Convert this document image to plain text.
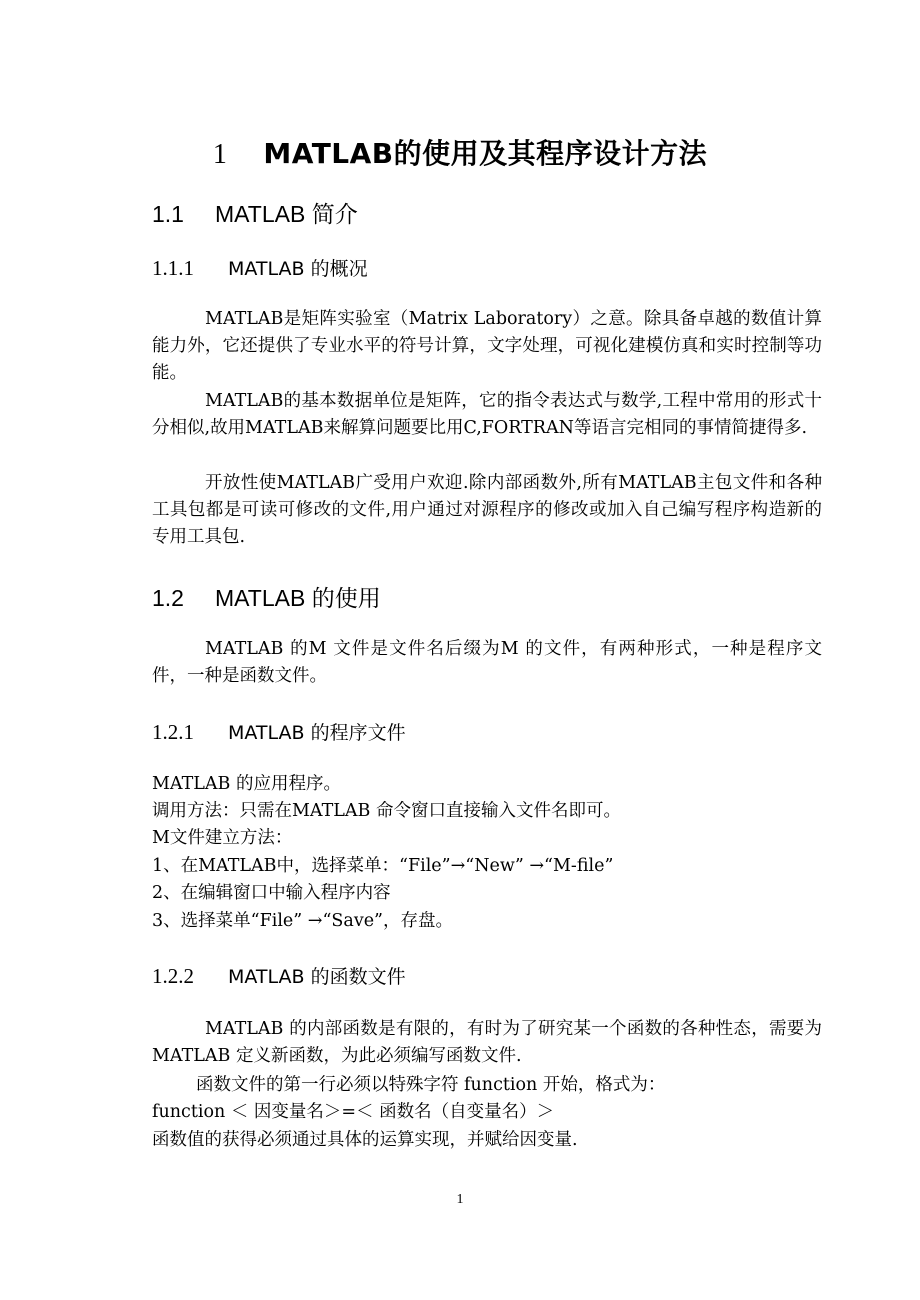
1 MATLAB的使用及其程序设计方法
1.1 MATLAB 简介
1.1.1 MATLAB 的概况
MATLAB是矩阵实验室（Matrix Laboratory）之意。除具备卓越的数值计算能力外，它还提供了专业水平的符号计算，文字处理，可视化建模仿真和实时控制等功能。
MATLAB的基本数据单位是矩阵，它的指令表达式与数学,工程中常用的形式十分相似,故用MATLAB来解算问题要比用C,FORTRAN等语言完相同的事情简捷得多.
开放性使MATLAB广受用户欢迎.除内部函数外,所有MATLAB主包文件和各种工具包都是可读可修改的文件,用户通过对源程序的修改或加入自己编写程序构造新的专用工具包.
1.2 MATLAB 的使用
MATLAB 的M 文件是文件名后缀为M 的文件，有两种形式，一种是程序文件，一种是函数文件。
1.2.1 MATLAB 的程序文件
MATLAB 的应用程序。
调用方法：只需在MATLAB 命令窗口直接输入文件名即可。
M文件建立方法：
1、在MATLAB中，选择菜单：“File”→“New” →“M-file”
2、在编辑窗口中输入程序内容
3、选择菜单“File” →“Save”，存盘。
1.2.2 MATLAB 的函数文件
MATLAB 的内部函数是有限的，有时为了研究某一个函数的各种性态，需要为MATLAB 定义新函数，为此必须编写函数文件.
函数文件的第一行必须以特殊字符 function 开始，格式为：
function ＜ 因变量名＞=＜ 函数名（自变量名）＞
函数值的获得必须通过具体的运算实现，并赋给因变量.
1
